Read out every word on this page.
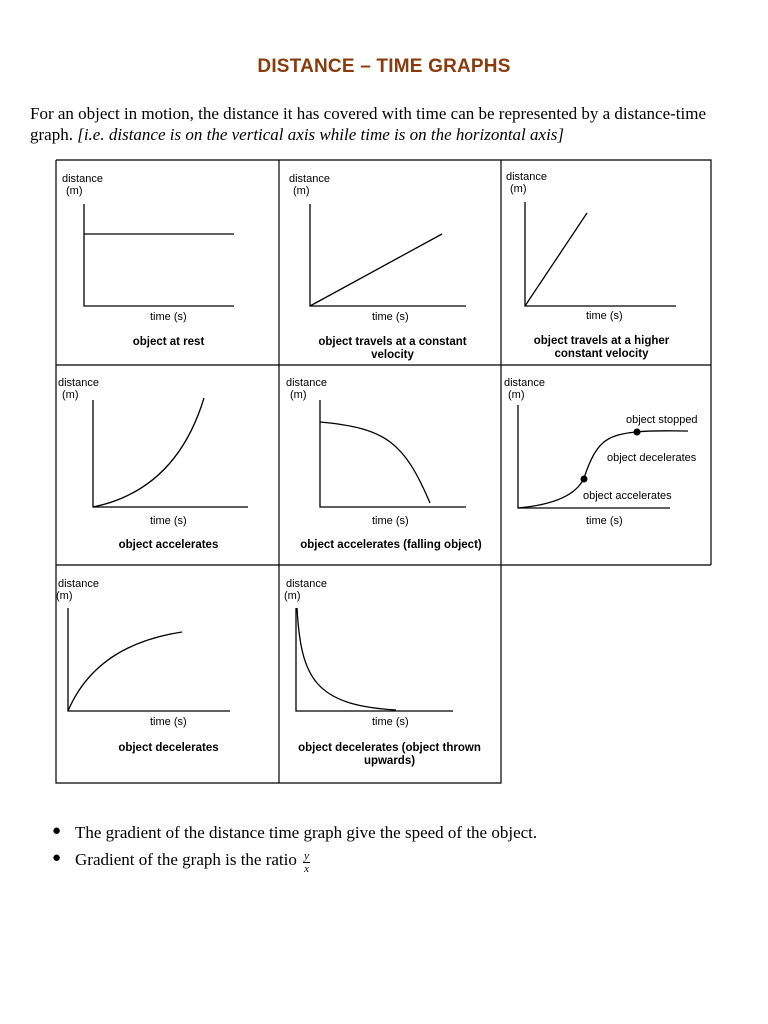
DISTANCE – TIME GRAPHS
For an object in motion, the distance it has covered with time can be represented by a distance-time graph. [i.e. distance is on the vertical axis while time is on the horizontal axis]
distance
(m)
time (s)
object at rest
distance
(m)
time (s)
object travels at a constant velocity
distance
(m)
time (s)
object travels at a higher constant velocity
distance
(m)
time (s)
object accelerates
distance
(m)
time (s)
object accelerates (falling object)
distance
(m)
time (s)
object stopped
object decelerates
object accelerates
distance
(m)
time (s)
object decelerates
distance
(m)
time (s)
object decelerates (object thrown upwards)
● The gradient of the distance time graph give the speed of the object.
● Gradient of the graph is the ratio $\frac{y}{x}$
